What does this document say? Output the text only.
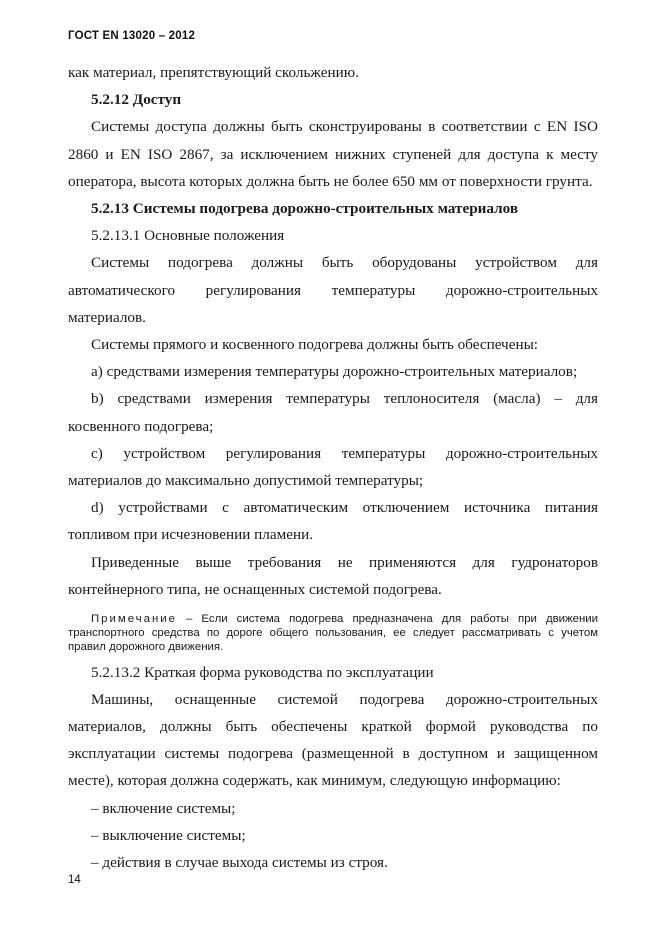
ГОСТ EN 13020 – 2012

как материал, препятствующий скольжению.

5.2.12 Доступ

Системы доступа должны быть сконструированы в соответствии с EN ISO 2860 и EN ISO 2867, за исключением нижних ступеней для доступа к месту оператора, высота которых должна быть не более 650 мм от поверхности грунта.

5.2.13 Системы подогрева дорожно-строительных материалов

5.2.13.1 Основные положения

Системы подогрева должны быть оборудованы устройством для автоматического регулирования температуры дорожно-строительных материалов.

Системы прямого и косвенного подогрева должны быть обеспечены:

a) средствами измерения температуры дорожно-строительных материалов;

b) средствами измерения температуры теплоносителя (масла) – для косвенного подогрева;

c) устройством регулирования температуры дорожно-строительных материалов до максимально допустимой температуры;

d) устройствами с автоматическим отключением источника питания топливом при исчезновении пламени.

Приведенные выше требования не применяются для гудронаторов контейнерного типа, не оснащенных системой подогрева.

Примечание – Если система подогрева предназначена для работы при движении транспортного средства по дороге общего пользования, ее следует рассматривать с учетом правил дорожного движения.

5.2.13.2 Краткая форма руководства по эксплуатации

Машины, оснащенные системой подогрева дорожно-строительных материалов, должны быть обеспечены краткой формой руководства по эксплуатации системы подогрева (размещенной в доступном и защищенном месте), которая должна содержать, как минимум, следующую информацию:

– включение системы;

– выключение системы;

– действия в случае выхода системы из строя.

14
